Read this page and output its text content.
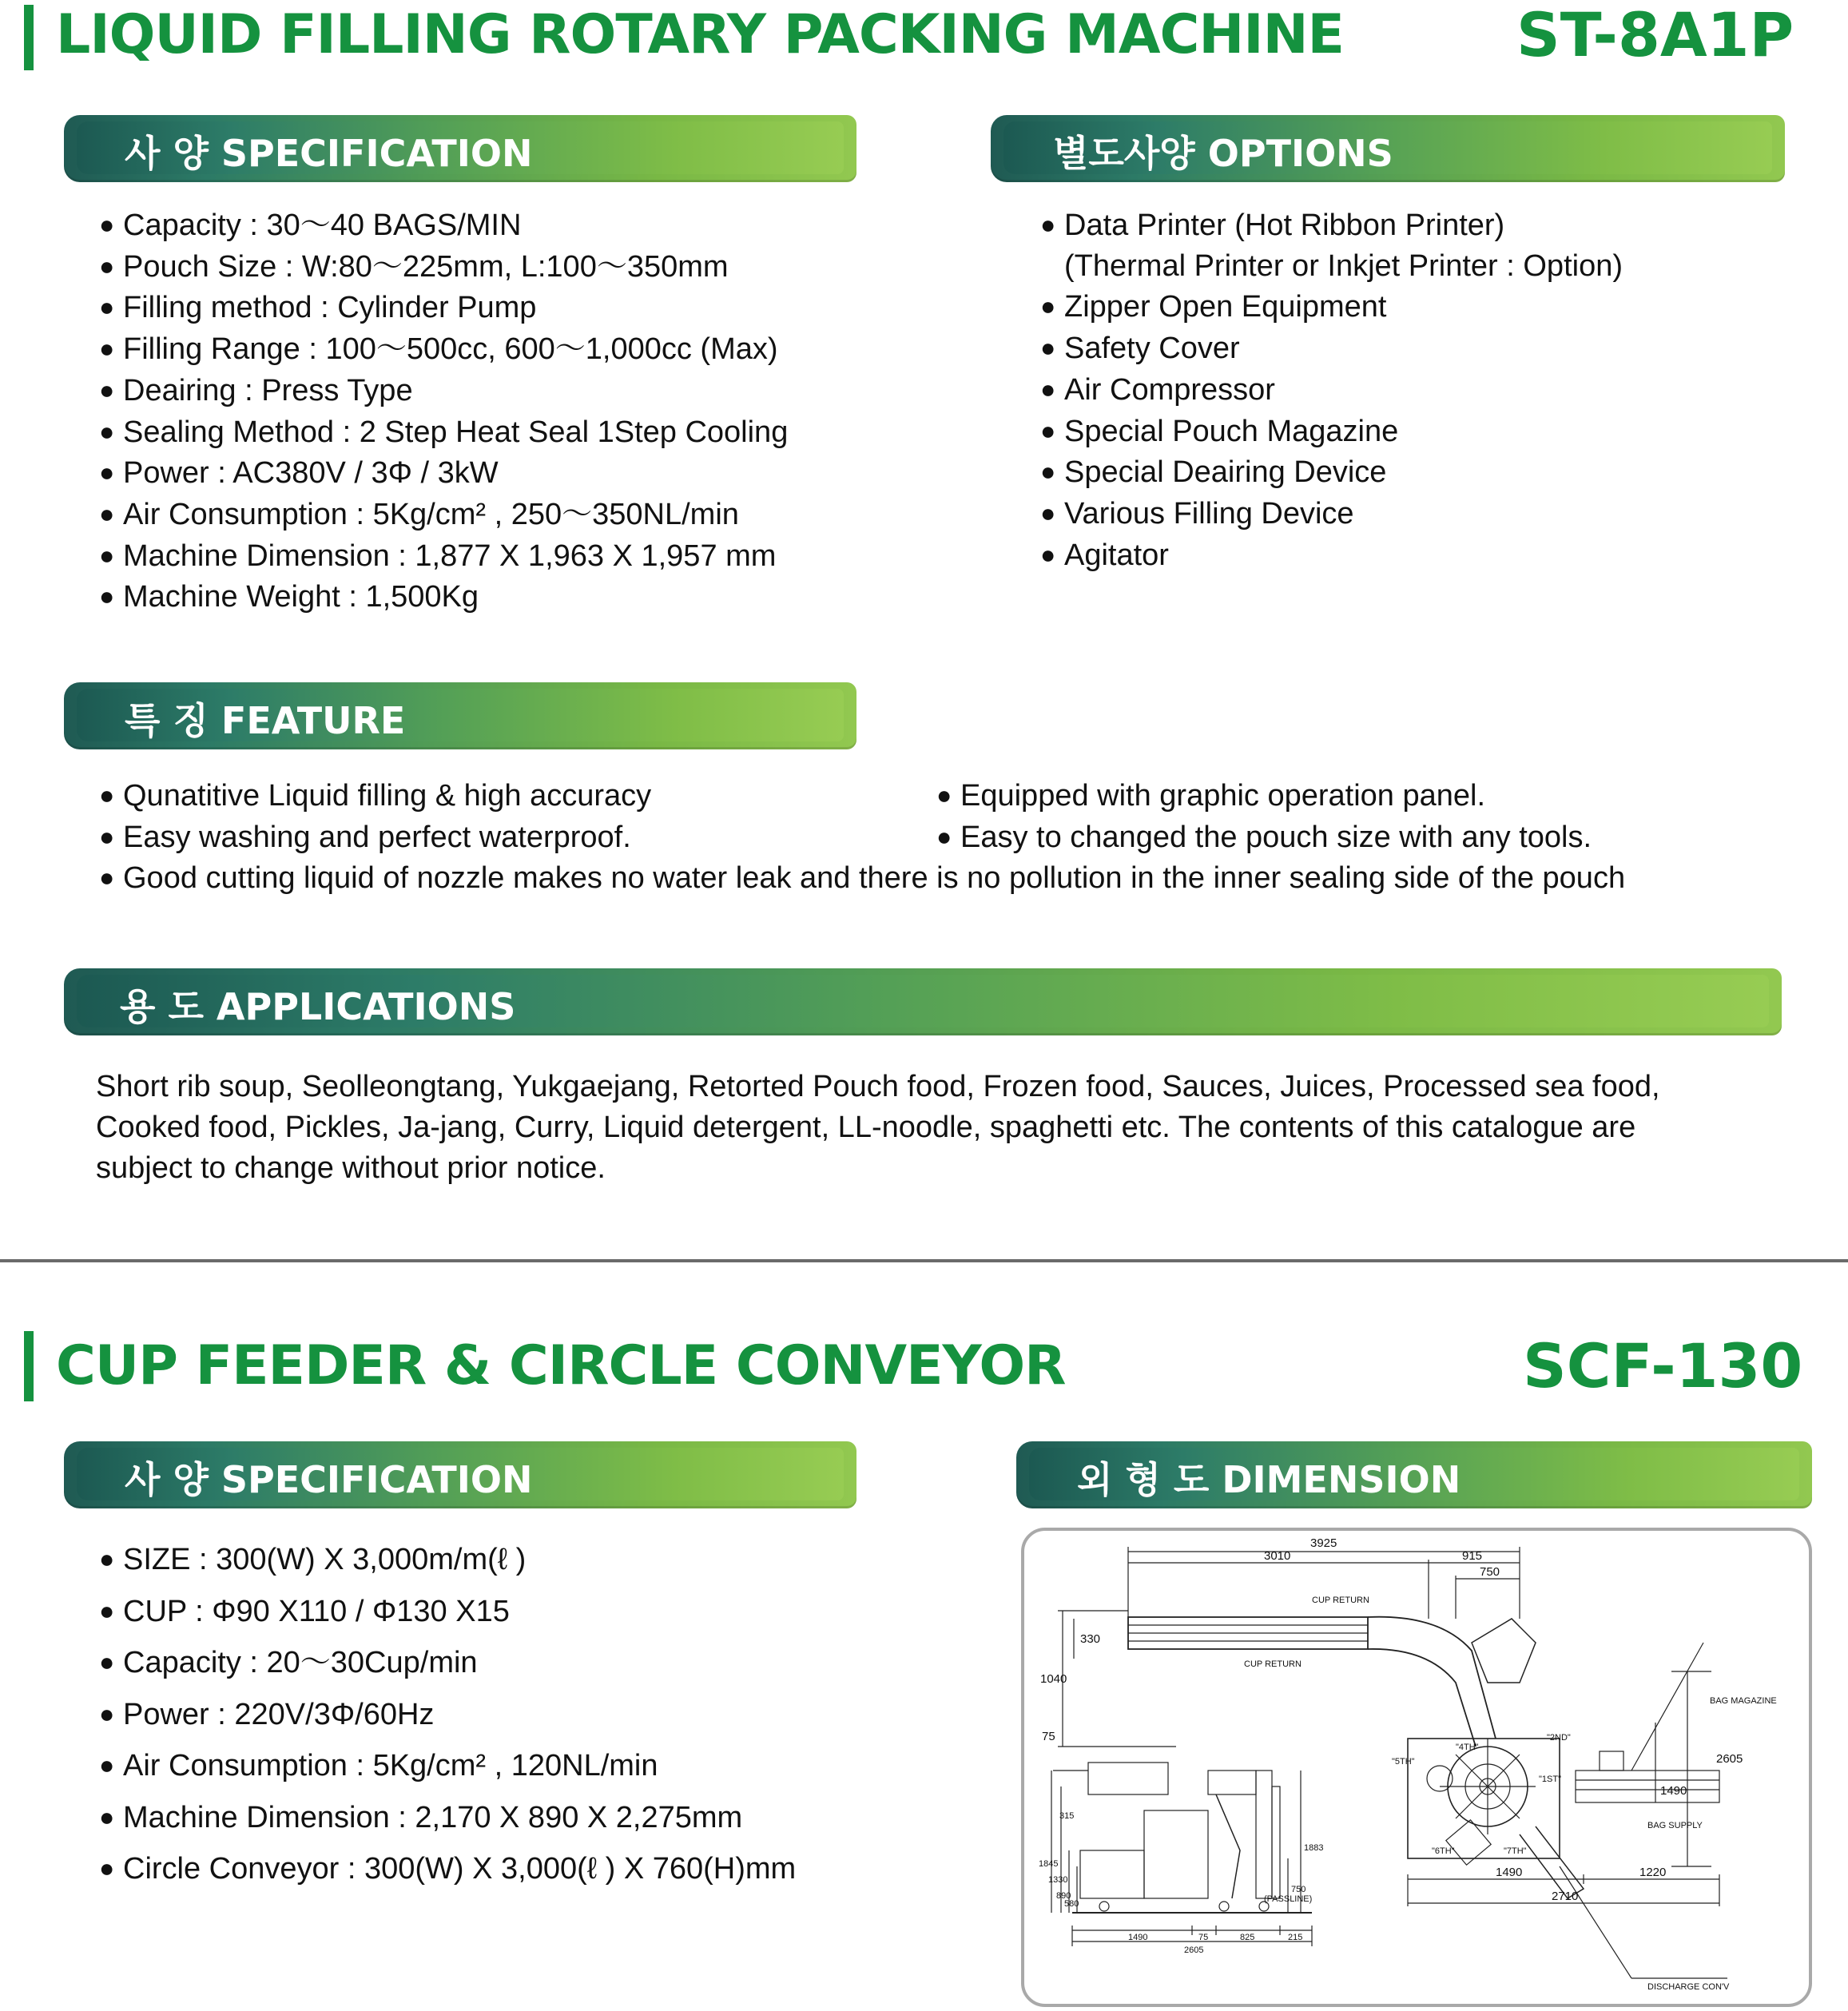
LIQUID FILLING ROTARY PACKING MACHINE	ST-8A1P
사 양 SPECIFICATION	별도사양 OPTIONS
● Capacity : 30～40 BAGS/MIN
● Pouch Size : W:80～225mm, L:100～350mm
● Filling method : Cylinder Pump
● Filling Range : 100～500cc, 600～1,000cc (Max)
● Deairing : Press Type
● Sealing Method : 2 Step Heat Seal 1Step Cooling
● Power : AC380V / 3Φ / 3kW
● Air Consumption : 5Kg/cm² , 250～350NL/min
● Machine Dimension : 1,877 X 1,963 X 1,957 mm
● Machine Weight : 1,500Kg
● Data Printer (Hot Ribbon Printer)
(Thermal Printer or Inkjet Printer : Option)
● Zipper Open Equipment
● Safety Cover
● Air Compressor
● Special Pouch Magazine
● Special Deairing Device
● Various Filling Device
● Agitator
특 징 FEATURE
● Qunatitive Liquid filling & high accuracy
● Easy washing and perfect waterproof.
● Good cutting liquid of nozzle makes no water leak and there is no pollution in the inner sealing side of the pouch
● Equipped with graphic operation panel.
● Easy to changed the pouch size with any tools.
용 도 APPLICATIONS
Short rib soup, Seolleongtang, Yukgaejang, Retorted Pouch food, Frozen food, Sauces, Juices, Processed sea food,
Cooked food, Pickles, Ja-jang, Curry, Liquid detergent, LL-noodle, spaghetti etc. The contents of this catalogue are
subject to change without prior notice.
CUP FEEDER & CIRCLE CONVEYOR	SCF-130
사 양 SPECIFICATION	외 형 도 DIMENSION
● SIZE : 300(W) X 3,000m/m(ℓ )
● CUP : Φ90 X110 / Φ130 X15
● Capacity : 20～30Cup/min
● Power : 220V/3Φ/60Hz
● Air Consumption : 5Kg/cm² , 120NL/min
● Machine Dimension : 2,170 X 890 X 2,275mm
● Circle Conveyor : 300(W) X 3,000(ℓ ) X 760(H)mm
3925
3010	915
750
CUP RETURN
CUP RETURN
330
1040
75
BAG MAGAZINE
BAG SUPPLY
2605
1490
"4TH"
"5TH"
"6TH"	"7TH"
"1ST"
"2ND"
1490	1220
2710
DISCHARGE CON'V
315
1845
1330
890
580
1883
750
(PASSLINE)
1490	75	825	215
2605
